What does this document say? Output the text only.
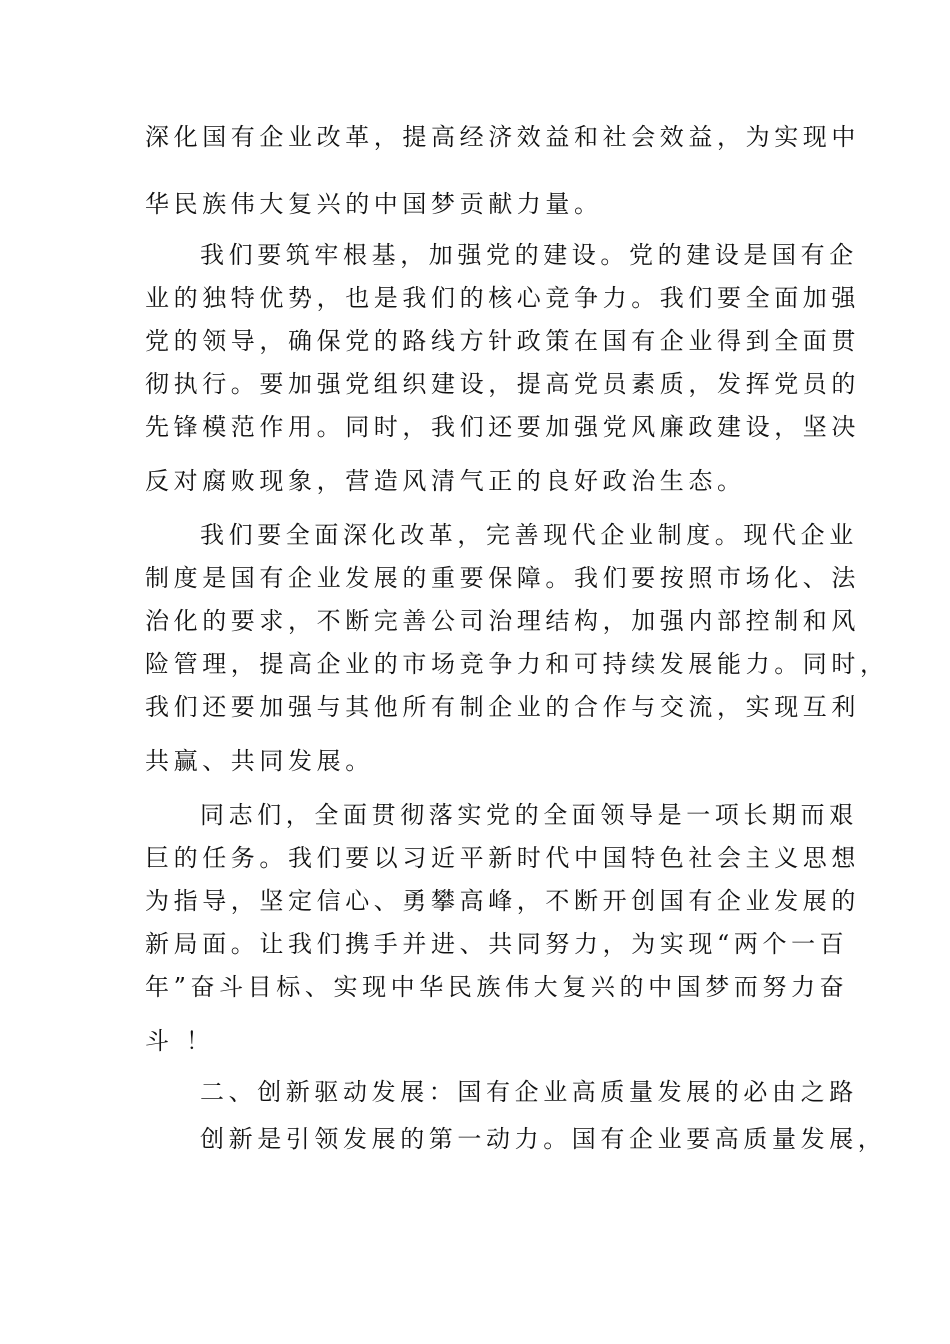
深化国有企业改革，提高经济效益和社会效益，为实现中

华民族伟大复兴的中国梦贡献力量。

我们要筑牢根基，加强党的建设。党的建设是国有企

业的独特优势，也是我们的核心竞争力。我们要全面加强

党的领导，确保党的路线方针政策在国有企业得到全面贯

彻执行。要加强党组织建设，提高党员素质，发挥党员的

先锋模范作用。同时，我们还要加强党风廉政建设，坚决

反对腐败现象，营造风清气正的良好政治生态。

我们要全面深化改革，完善现代企业制度。现代企业

制度是国有企业发展的重要保障。我们要按照市场化、法

治化的要求，不断完善公司治理结构，加强内部控制和风

险管理，提高企业的市场竞争力和可持续发展能力。同时，

我们还要加强与其他所有制企业的合作与交流，实现互利

共赢、共同发展。

同志们，全面贯彻落实党的全面领导是一项长期而艰

巨的任务。我们要以习近平新时代中国特色社会主义思想

为指导，坚定信心、勇攀高峰，不断开创国有企业发展的

新局面。让我们携手并进、共同努力，为实现“两个一百

年”奋斗目标、实现中华民族伟大复兴的中国梦而努力奋

斗 ！

二、创新驱动发展：国有企业高质量发展的必由之路

创新是引领发展的第一动力。国有企业要高质量发展，
